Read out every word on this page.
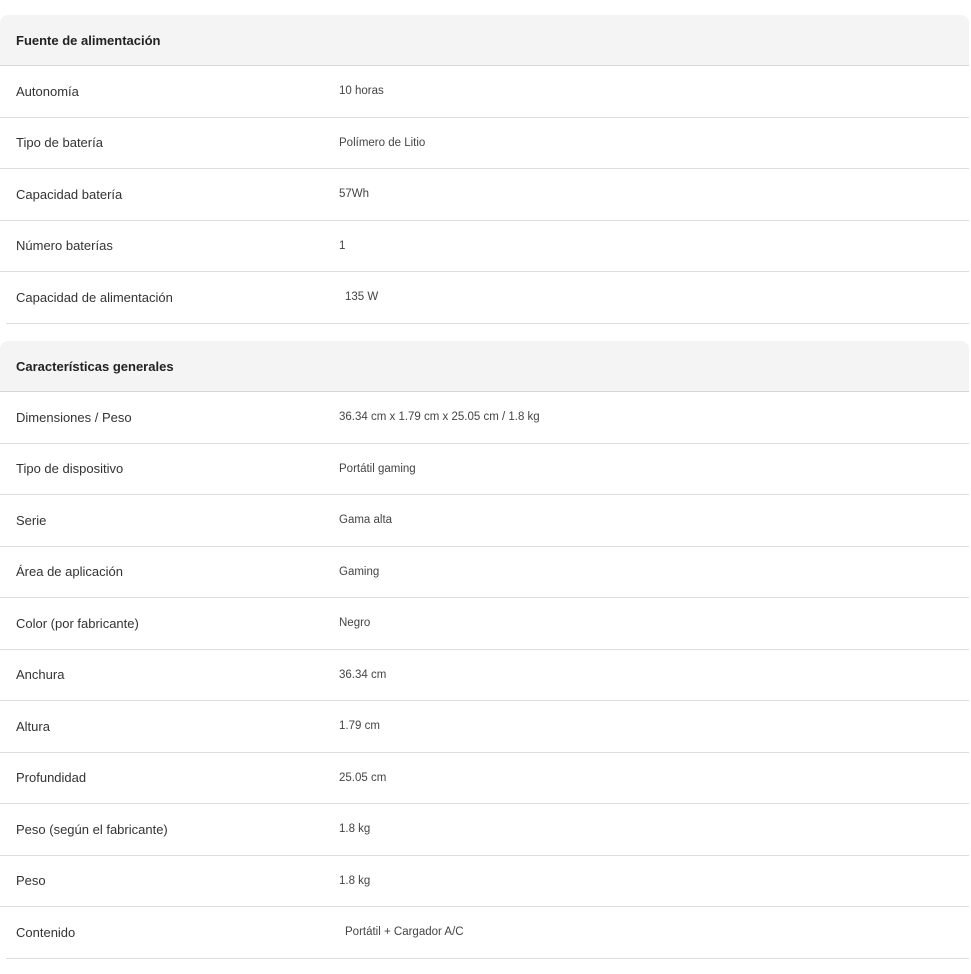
Fuente de alimentación
Autonomía	10 horas
Tipo de batería	Polímero de Litio
Capacidad batería	57Wh
Número baterías	1
Capacidad de alimentación	135 W
Características generales
Dimensiones / Peso	36.34 cm x 1.79 cm x 25.05 cm / 1.8 kg
Tipo de dispositivo	Portátil gaming
Serie	Gama alta
Área de aplicación	Gaming
Color (por fabricante)	Negro
Anchura	36.34 cm
Altura	1.79 cm
Profundidad	25.05 cm
Peso (según el fabricante)	1.8 kg
Peso	1.8 kg
Contenido	Portátil + Cargador A/C
